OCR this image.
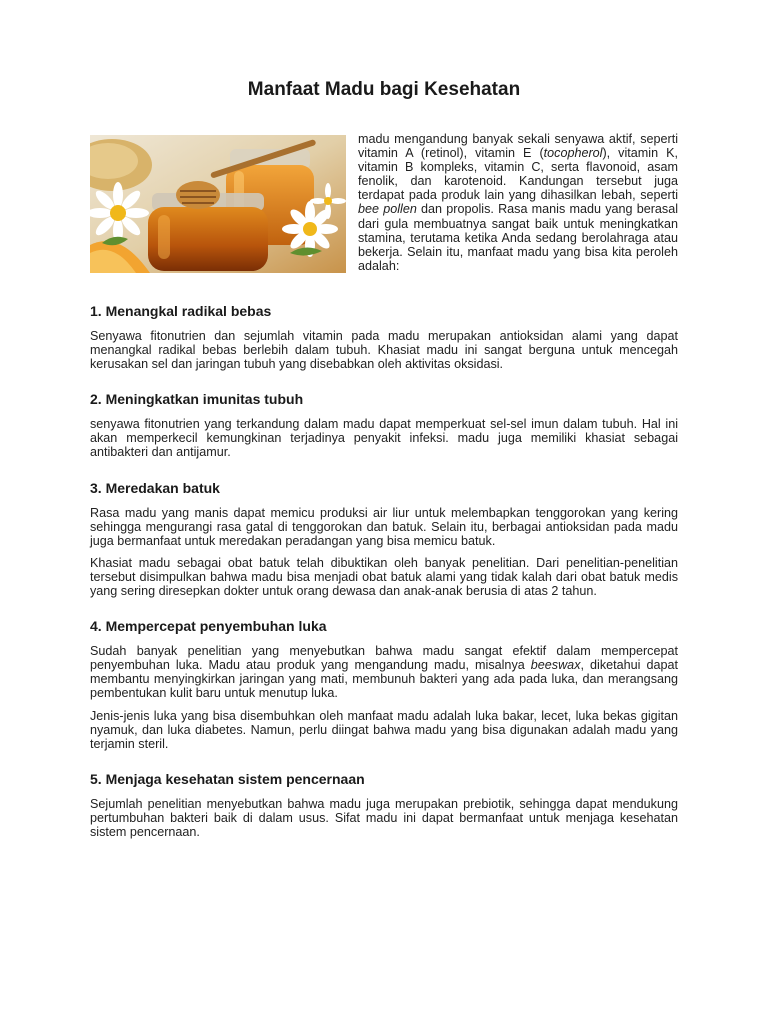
Manfaat Madu bagi Kesehatan

madu mengandung banyak sekali senyawa aktif, seperti vitamin A (retinol), vitamin E (tocopherol), vitamin K, vitamin B kompleks, vitamin C, serta flavonoid, asam fenolik, dan karotenoid. Kandungan tersebut juga terdapat pada produk lain yang dihasilkan lebah, seperti bee pollen dan propolis. Rasa manis madu yang berasal dari gula membuatnya sangat baik untuk meningkatkan stamina, terutama ketika Anda sedang berolahraga atau bekerja. Selain itu, manfaat madu yang bisa kita peroleh adalah:

1. Menangkal radikal bebas

Senyawa fitonutrien dan sejumlah vitamin pada madu merupakan antioksidan alami yang dapat menangkal radikal bebas berlebih dalam tubuh. Khasiat madu ini sangat berguna untuk mencegah kerusakan sel dan jaringan tubuh yang disebabkan oleh aktivitas oksidasi.

2. Meningkatkan imunitas tubuh

senyawa fitonutrien yang terkandung dalam madu dapat memperkuat sel-sel imun dalam tubuh. Hal ini akan memperkecil kemungkinan terjadinya penyakit infeksi. madu juga memiliki khasiat sebagai antibakteri dan antijamur.

3. Meredakan batuk

Rasa madu yang manis dapat memicu produksi air liur untuk melembapkan tenggorokan yang kering sehingga mengurangi rasa gatal di tenggorokan dan batuk. Selain itu, berbagai antioksidan pada madu juga bermanfaat untuk meredakan peradangan yang bisa memicu batuk.

Khasiat madu sebagai obat batuk telah dibuktikan oleh banyak penelitian. Dari penelitian-penelitian tersebut disimpulkan bahwa madu bisa menjadi obat batuk alami yang tidak kalah dari obat batuk medis yang sering diresepkan dokter untuk orang dewasa dan anak-anak berusia di atas 2 tahun.

4. Mempercepat penyembuhan luka

Sudah banyak penelitian yang menyebutkan bahwa madu sangat efektif dalam mempercepat penyembuhan luka. Madu atau produk yang mengandung madu, misalnya beeswax, diketahui dapat membantu menyingkirkan jaringan yang mati, membunuh bakteri yang ada pada luka, dan merangsang pembentukan kulit baru untuk menutup luka.

Jenis-jenis luka yang bisa disembuhkan oleh manfaat madu adalah luka bakar, lecet, luka bekas gigitan nyamuk, dan luka diabetes. Namun, perlu diingat bahwa madu yang bisa digunakan adalah madu yang terjamin steril.

5. Menjaga kesehatan sistem pencernaan

Sejumlah penelitian menyebutkan bahwa madu juga merupakan prebiotik, sehingga dapat mendukung pertumbuhan bakteri baik di dalam usus. Sifat madu ini dapat bermanfaat untuk menjaga kesehatan sistem pencernaan.
